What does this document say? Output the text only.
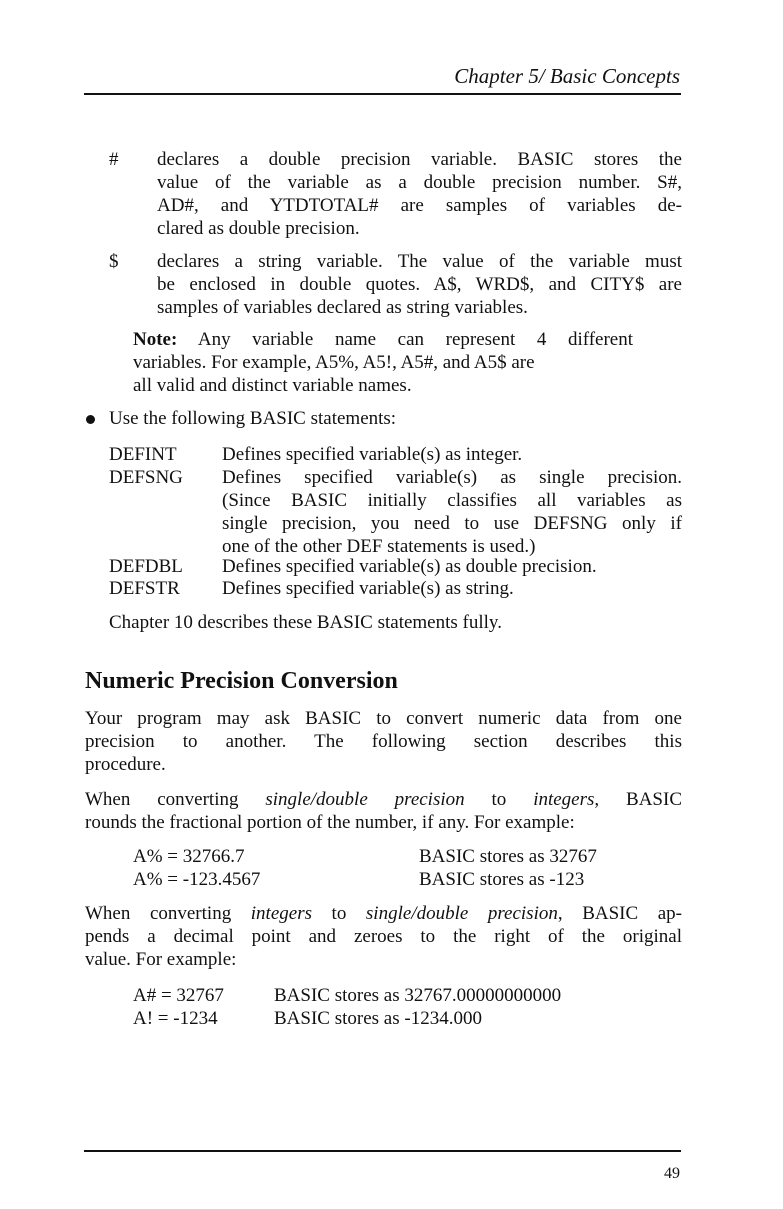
Chapter 5/ Basic Concepts
# declares a double precision variable. BASIC stores the
value of the variable as a double precision number. S#,
AD#, and YTDTOTAL# are samples of variables de-
clared as double precision.
$ declares a string variable. The value of the variable must
be enclosed in double quotes. A$, WRD$, and CITY$ are
samples of variables declared as string variables.
Note: Any variable name can represent 4 different
variables. For example, A5%, A5!, A5#, and A5$ are
all valid and distinct variable names.
Use the following BASIC statements:
DEFINT Defines specified variable(s) as integer.
DEFSNG Defines specified variable(s) as single precision.
(Since BASIC initially classifies all variables as
single precision, you need to use DEFSNG only if
one of the other DEF statements is used.)
DEFDBL Defines specified variable(s) as double precision.
DEFSTR Defines specified variable(s) as string.
Chapter 10 describes these BASIC statements fully.
Numeric Precision Conversion
Your program may ask BASIC to convert numeric data from one
precision to another. The following section describes this
procedure.
When converting single/double precision to integers, BASIC
rounds the fractional portion of the number, if any. For example:
A% = 32766.7	BASIC stores as 32767
A% = -123.4567	BASIC stores as -123
When converting integers to single/double precision, BASIC ap-
pends a decimal point and zeroes to the right of the original
value. For example:
A# = 32767	BASIC stores as 32767.00000000000
A! = -1234	BASIC stores as -1234.000
49
